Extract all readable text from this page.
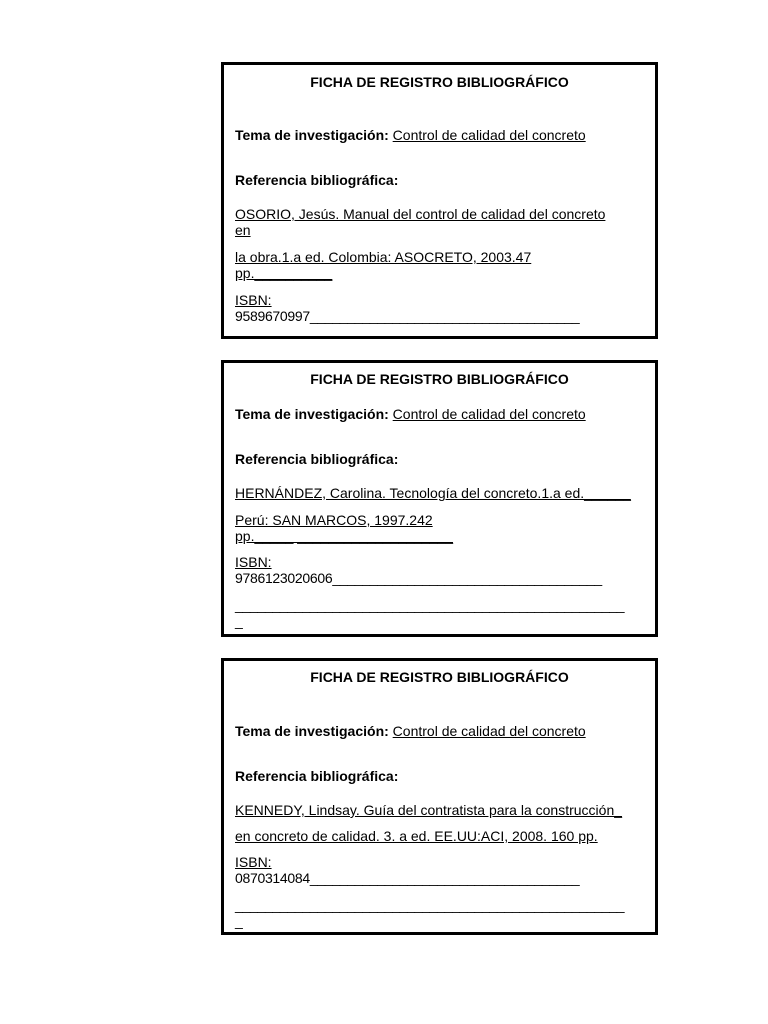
FICHA DE REGISTRO BIBLIOGRÁFICO
Tema de investigación: Control de calidad del concreto
Referencia bibliográfica:
OSORIO, Jesús. Manual del control de calidad del concreto
en
la obra.1.a ed. Colombia: ASOCRETO, 2003.47
pp.__________
ISBN:
9589670997____________________________________
FICHA DE REGISTRO BIBLIOGRÁFICO
Tema de investigación: Control de calidad del concreto
Referencia bibliográfica:
HERNÁNDEZ, Carolina. Tecnología del concreto.1.a ed.______
Perú: SAN MARCOS, 1997.242
pp._____ ____________________
ISBN:
9786123020606____________________________________
____________________________________________________
_
FICHA DE REGISTRO BIBLIOGRÁFICO
Tema de investigación: Control de calidad del concreto
Referencia bibliográfica:
KENNEDY, Lindsay. Guía del contratista para la construcción_
en concreto de calidad. 3. a ed. EE.UU:ACI, 2008. 160 pp.
ISBN:
0870314084____________________________________
____________________________________________________
_
